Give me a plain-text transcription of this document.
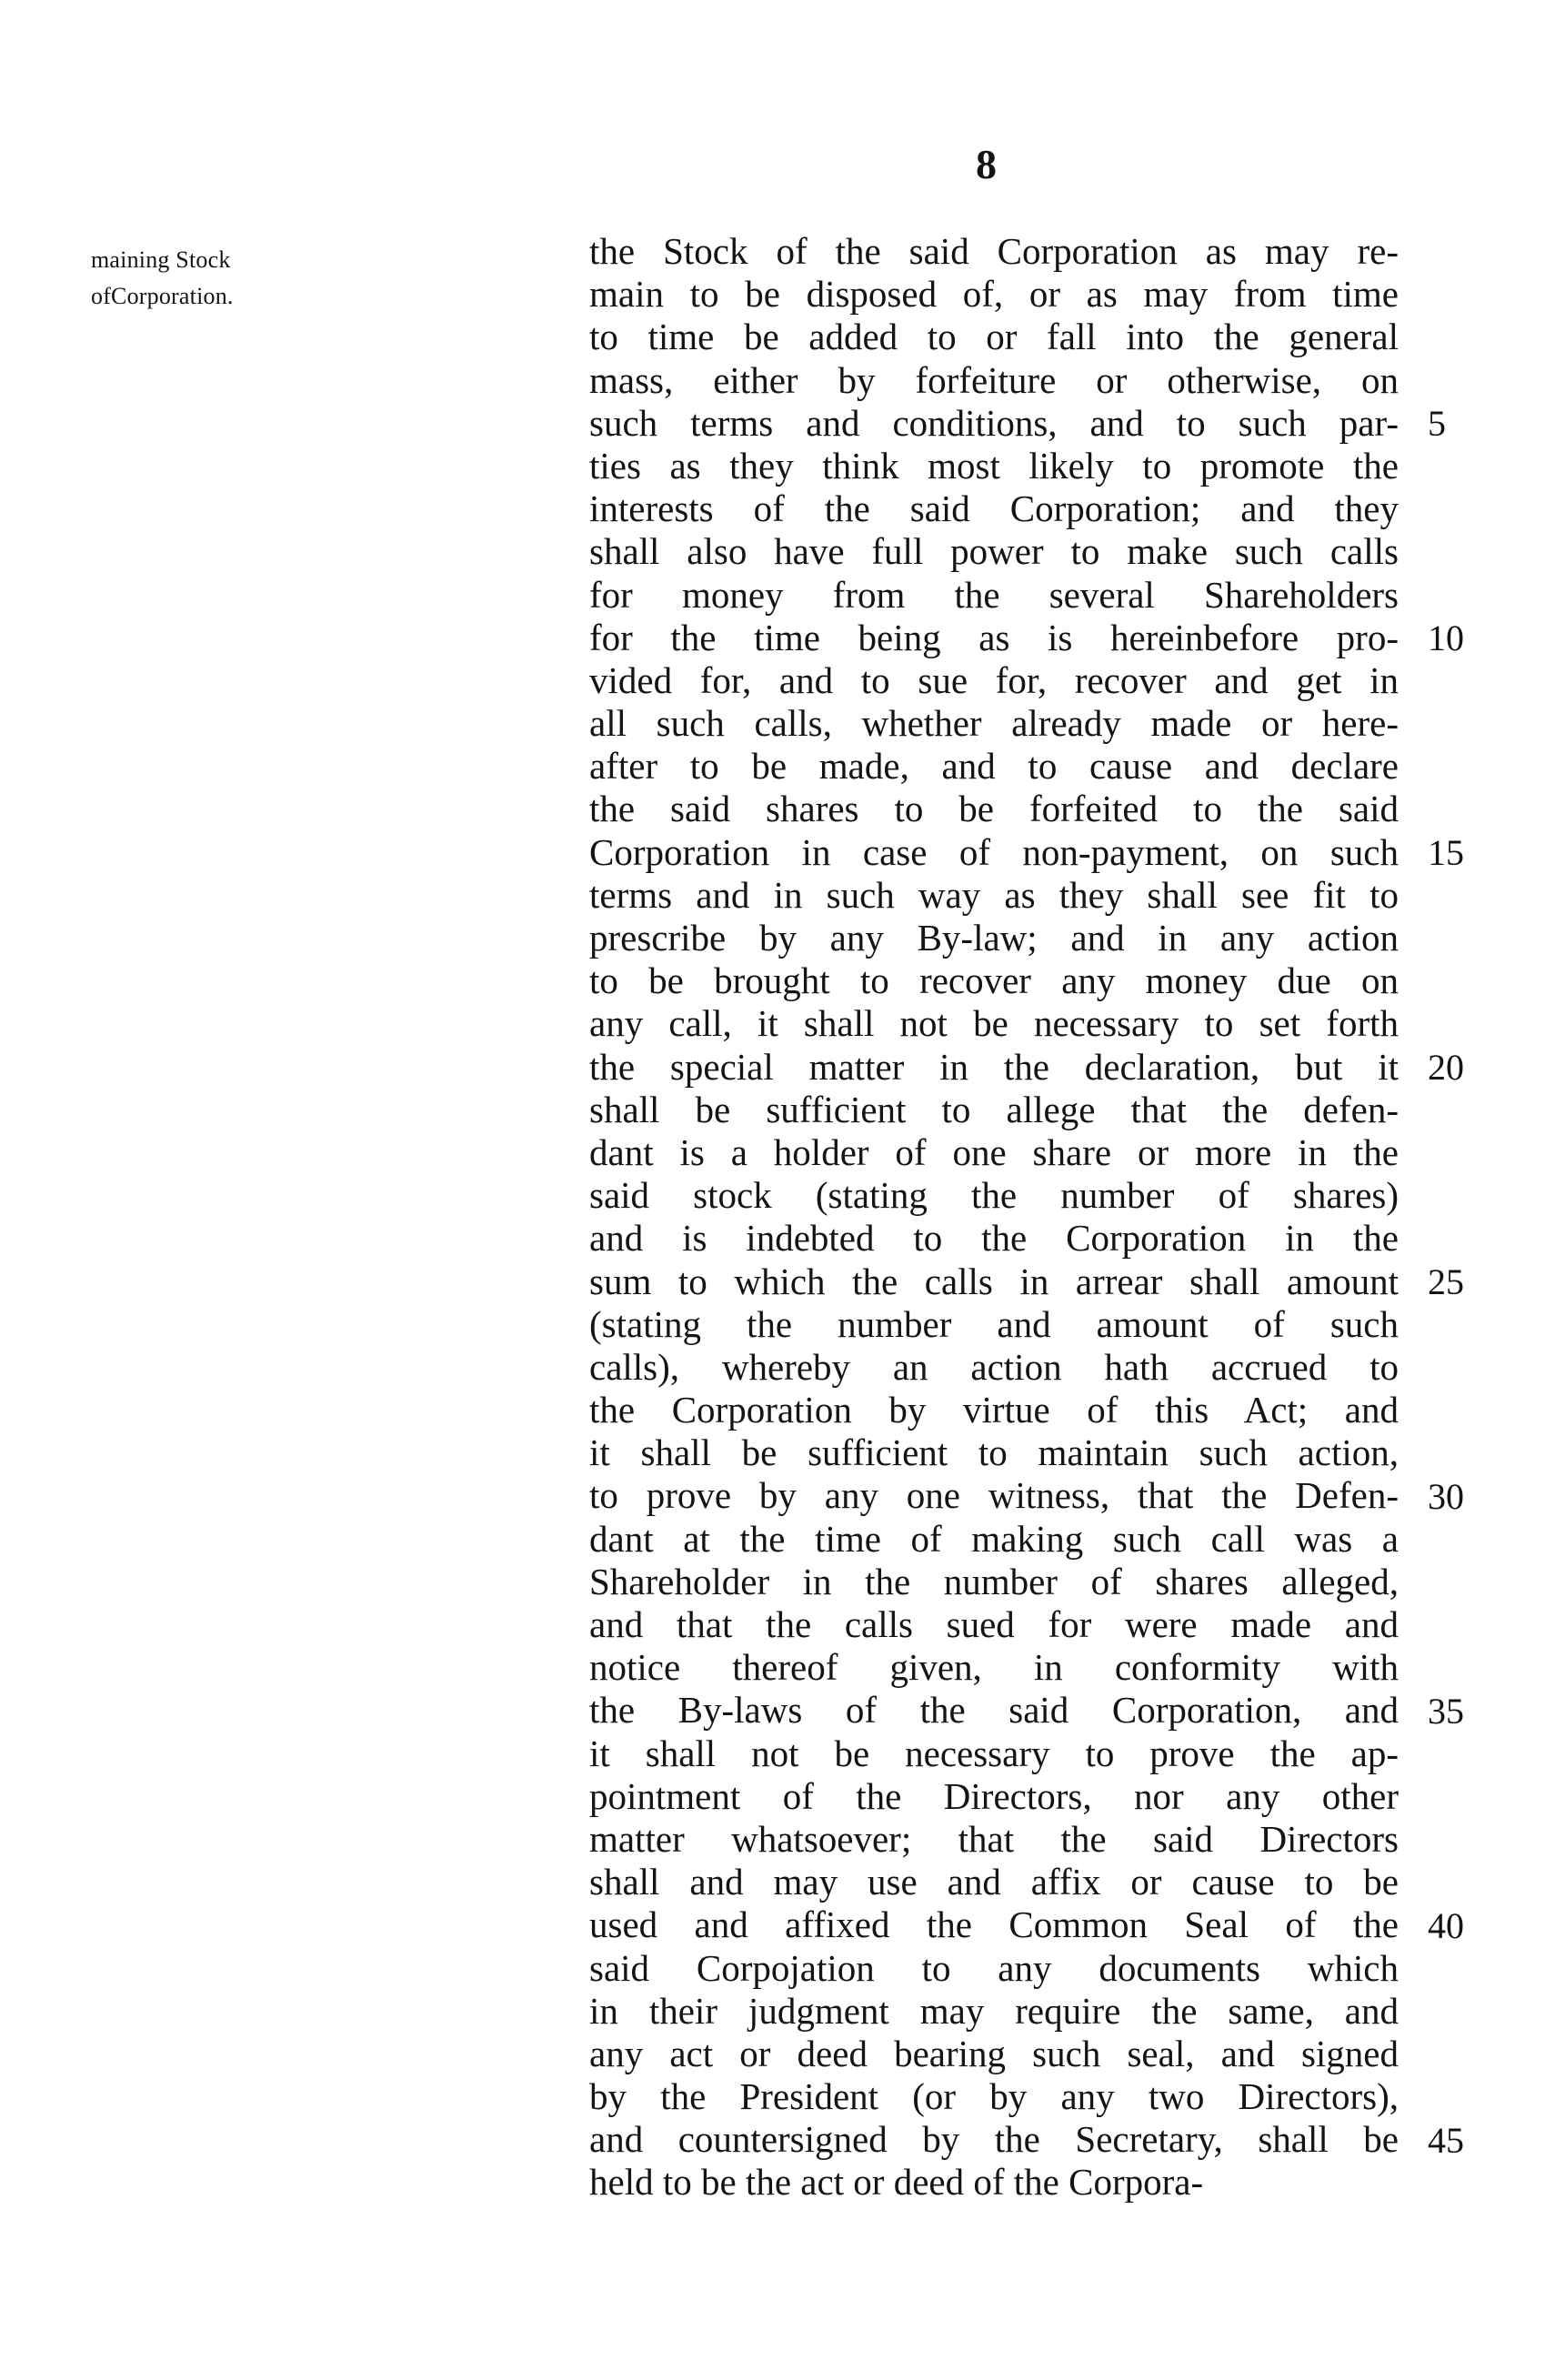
8
maining Stock
ofCorporation.
the Stock of the said Corporation as may re-
main to be disposed of, or as may from time
to time be added to or fall into the general
mass, either by forfeiture or otherwise, on
such terms and conditions, and to such par-
ties as they think most likely to promote the
interests of the said Corporation; and they
shall also have full power to make such calls
for money from the several Shareholders
for the time being as is hereinbefore pro-
vided for, and to sue for, recover and get in
all such calls, whether already made or here-
after to be made, and to cause and declare
the said shares to be forfeited to the said
Corporation in case of non-payment, on such
terms and in such way as they shall see fit to
prescribe by any By-law; and in any action
to be brought to recover any money due on
any call, it shall not be necessary to set forth
the special matter in the declaration, but it
shall be sufficient to allege that the defen-
dant is a holder of one share or more in the
said stock (stating the number of shares)
and is indebted to the Corporation in the
sum to which the calls in arrear shall amount
(stating the number and amount of such
calls), whereby an action hath accrued to
the Corporation by virtue of this Act; and
it shall be sufficient to maintain such action,
to prove by any one witness, that the Defen-
dant at the time of making such call was a
Shareholder in the number of shares alleged,
and that the calls sued for were made and
notice thereof given, in conformity with
the By-laws of the said Corporation, and
it shall not be necessary to prove the ap-
pointment of the Directors, nor any other
matter whatsoever; that the said Directors
shall and may use and affix or cause to be
used and affixed the Common Seal of the
said Corpojation to any documents which
in their judgment may require the same, and
any act or deed bearing such seal, and signed
by the President (or by any two Directors),
and countersigned by the Secretary, shall be
held to be the act or deed of the Corpora-
5
10
15
20
25
30
35
40
45
